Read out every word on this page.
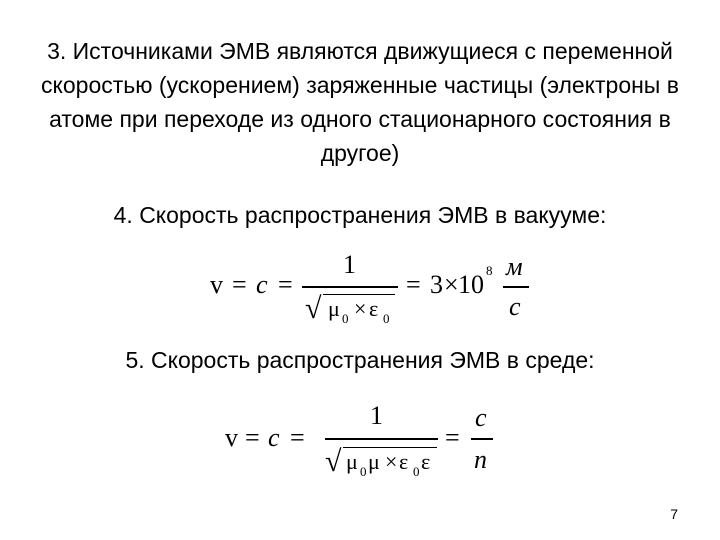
3. Источниками ЭМВ являются движущиеся с переменной скоростью (ускорением) заряженные частицы (электроны в атоме при переходе из одного стационарного состояния в другое)

4. Скорость распространения ЭМВ в вакууме:

v = c =
1
√ μ 0 × ε 0
= 3 × 10 8 м
с

5. Скорость распространения ЭМВ в среде:

v = c =
1
√ μ 0 μ × ε 0 ε
=
c
n
7
